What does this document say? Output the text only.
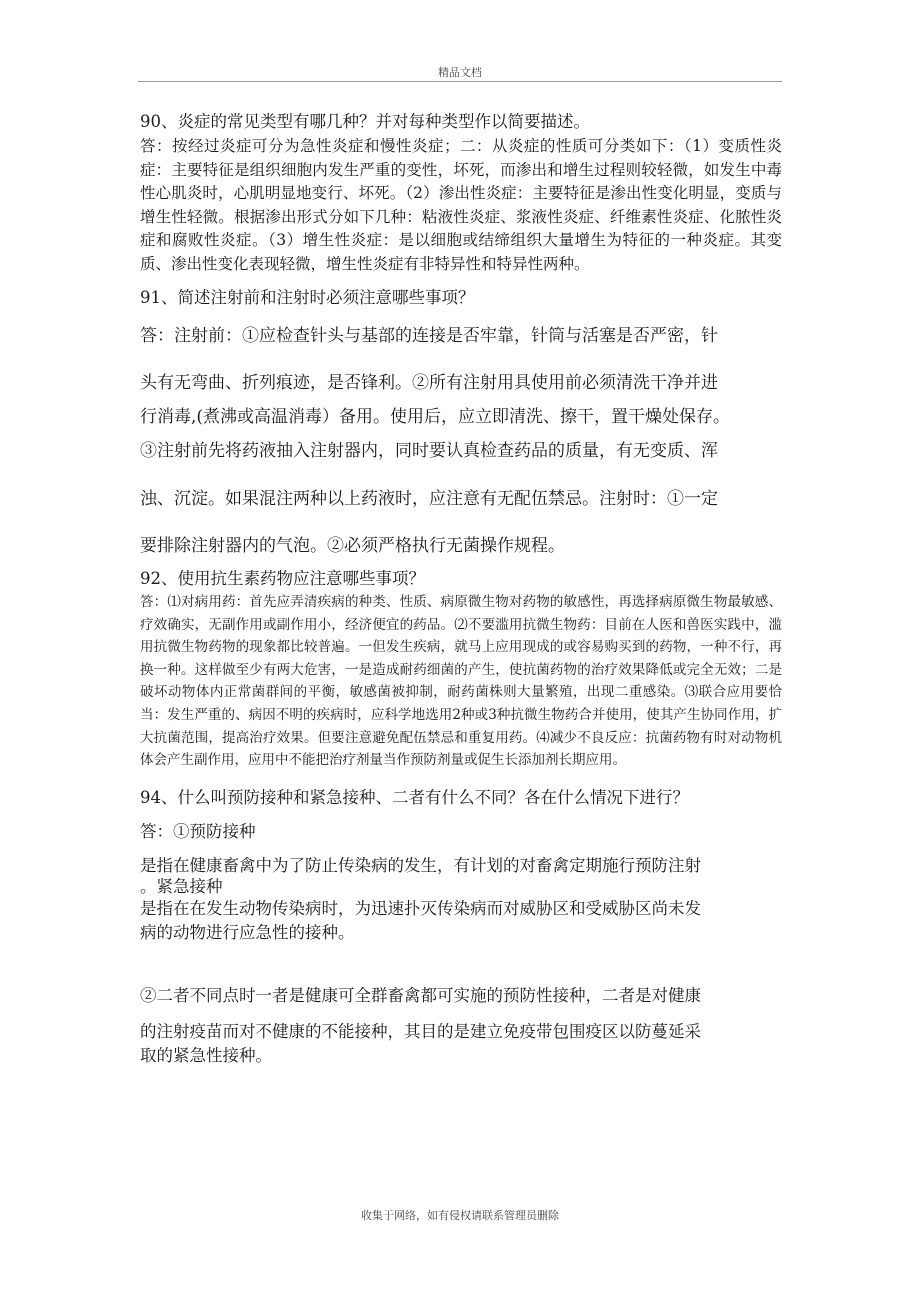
精品文档

90、炎症的常见类型有哪几种？并对每种类型作以简要描述。

答：按经过炎症可分为急性炎症和慢性炎症；二：从炎症的性质可分类如下：（1）变质性炎症：主要特征是组织细胞内发生严重的变性，坏死，而渗出和增生过程则较轻微，如发生中毒性心肌炎时，心肌明显地变行、坏死。（2）渗出性炎症：主要特征是渗出性变化明显，变质与增生性轻微。根据渗出形式分如下几种：粘液性炎症、浆液性炎症、纤维素性炎症、化脓性炎症和腐败性炎症。（3）增生性炎症：是以细胞或结缔组织大量增生为特征的一种炎症。其变质、渗出性变化表现轻微，增生性炎症有非特异性和特异性两种。

91、简述注射前和注射时必须注意哪些事项？

答：注射前：①应检查针头与基部的连接是否牢靠，针筒与活塞是否严密，针

头有无弯曲、折列痕迹，是否锋利。②所有注射用具使用前必须清洗干净并进

行消毒,(煮沸或高温消毒）备用。使用后，应立即清洗、擦干，置干燥处保存。

③注射前先将药液抽入注射器内，同时要认真检查药品的质量，有无变质、浑

浊、沉淀。如果混注两种以上药液时，应注意有无配伍禁忌。注射时：①一定

要排除注射器内的气泡。②必须严格执行无菌操作规程。

92、使用抗生素药物应注意哪些事项？

答：⑴对病用药：首先应弄清疾病的种类、性质、病原微生物对药物的敏感性，再选择病原微生物最敏感、疗效确实，无副作用或副作用小，经济便宜的药品。⑵不要滥用抗微生物药：目前在人医和兽医实践中，滥用抗微生物药物的现象都比较普遍。一但发生疾病，就马上应用现成的或容易购买到的药物，一种不行，再换一种。这样做至少有两大危害，一是造成耐药细菌的产生，使抗菌药物的治疗效果降低或完全无效；二是破坏动物体内正常菌群间的平衡，敏感菌被抑制，耐药菌株则大量繁殖，出现二重感染。⑶联合应用要恰当：发生严重的、病因不明的疾病时，应科学地选用2种或3种抗微生物药合并使用，使其产生协同作用，扩大抗菌范围，提高治疗效果。但要注意避免配伍禁忌和重复用药。⑷减少不良反应：抗菌药物有时对动物机体会产生副作用，应用中不能把治疗剂量当作预防剂量或促生长添加剂长期应用。

94、什么叫预防接种和紧急接种、二者有什么不同？各在什么情况下进行？

答：①预防接种

是指在健康畜禽中为了防止传染病的发生，有计划的对畜禽定期施行预防注射

。紧急接种

是指在在发生动物传染病时，为迅速扑灭传染病而对威胁区和受威胁区尚未发

病的动物进行应急性的接种。

②二者不同点时一者是健康可全群畜禽都可实施的预防性接种，二者是对健康

的注射疫苗而对不健康的不能接种，其目的是建立免疫带包围疫区以防蔓延采

取的紧急性接种。

收集于网络，如有侵权请联系管理员删除
